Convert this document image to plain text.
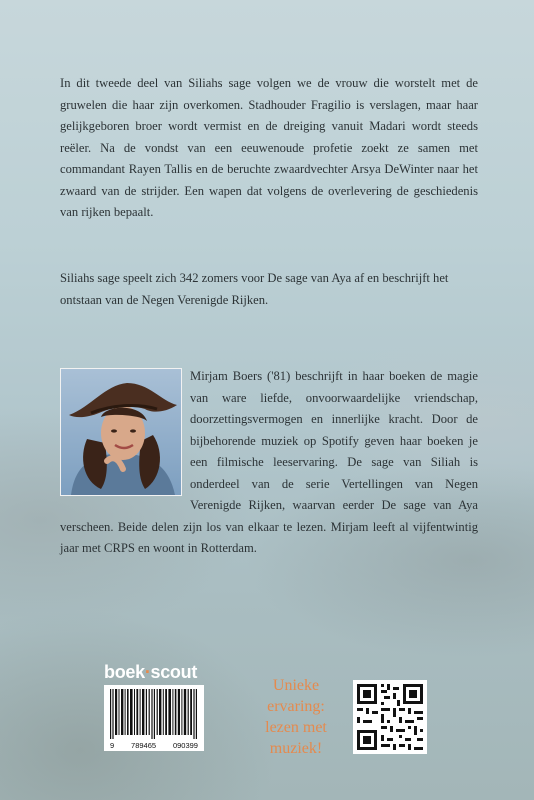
In dit tweede deel van Siliahs sage volgen we de vrouw die worstelt met de gruwelen die haar zijn overkomen. Stadhouder Fragilio is verslagen, maar haar gelijkgeboren broer wordt vermist en de dreiging vanuit Madari wordt steeds reëler. Na de vondst van een eeuwenoude profetie zoekt ze samen met commandant Rayen Tallis en de beruchte zwaardvechter Arsya DeWinter naar het zwaard van de strijder. Een wapen dat volgens de overlevering de geschiedenis van rijken bepaalt.

Siliahs sage speelt zich 342 zomers voor De sage van Aya af en beschrijft het ontstaan van de Negen Verenigde Rijken.

Mirjam Boers ('81) beschrijft in haar boeken de magie van ware liefde, onvoorwaardelijke vriendschap, doorzettingsvermogen en innerlijke kracht. Door de bijbehorende muziek op Spotify geven haar boeken je een filmische leeservaring. De sage van Siliah is onderdeel van de serie Vertellingen van Negen Verenigde Rijken, waarvan eerder De sage van Aya verscheen. Beide delen zijn los van elkaar te lezen. Mirjam leeft al vijfentwintig jaar met CRPS en woont in Rotterdam.

boek·scout
9 789465 090399
Unieke ervaring: lezen met muziek!
